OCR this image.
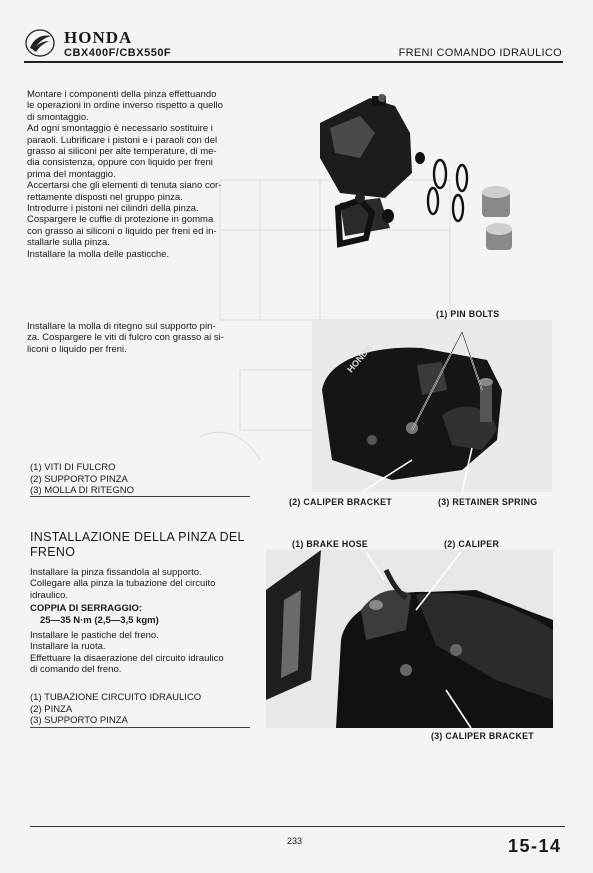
HONDA
CBX400F/CBX550F	FRENI COMANDO IDRAULICO
Montare i componenti della pinza effettuando
le operazioni in ordine inverso rispetto a quello
di smontaggio.
Ad ogni smontaggio è necessario sostituire i
paraoli. Lubrificare i pistoni e i paraoli con del
grasso ai siliconi per alte temperature, di me-
dia consistenza, oppure con liquido per freni
prima del montaggio.
Accertarsi che gli elementi di tenuta siano cor-
rettamente disposti nel gruppo pinza.
Introdurre i pistoni nei cilindri della pinza.
Cospargere le cuffie di protezione in gomma
con grasso ai siliconi o liquido per freni ed in-
stallarle sulla pinza.
Installare la molla delle pasticche.
Installare la molla di ritegno sul supporto pin-
za. Cospargere le viti di fulcro con grasso ai si-
liconi o liquido per freni.	HONDA
(1) PIN BOLTS
(2) CALIPER BRACKET	(3) RETAINER SPRING
(1) VITI DI FULCRO
(2) SUPPORTO PINZA
(3) MOLLA DI RITEGNO
INSTALLAZIONE DELLA PINZA DEL
FRENO
Installare la pinza fissandola al supporto.
Collegare alla pinza la tubazione del circuito
idraulico.
COPPIA DI SERRAGGIO:
25—35 N·m (2,5—3,5 kgm)
Installare le pastiche del freno.
Installare la ruota.
Effettuare la disaerazione del circuito idraulico
di comando del freno.
(1) TUBAZIONE CIRCUITO IDRAULICO
(2) PINZA
(3) SUPPORTO PINZA
(1) BRAKE HOSE	(2) CALIPER
(3) CALIPER BRACKET
233	15-14
